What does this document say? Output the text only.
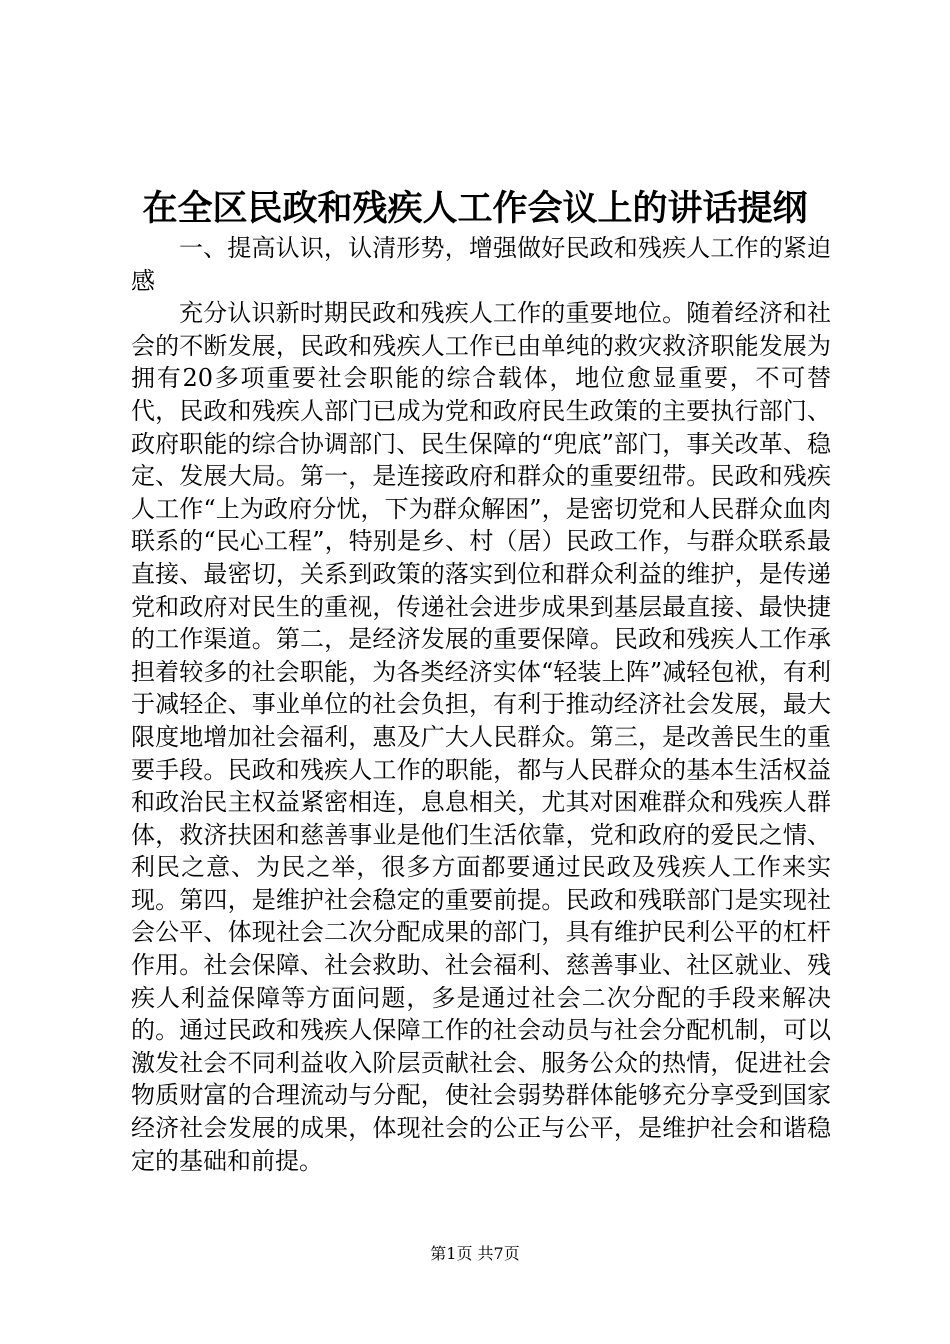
在全区民政和残疾人工作会议上的讲话提纲

一、提高认识，认清形势，增强做好民政和残疾人工作的紧迫感

充分认识新时期民政和残疾人工作的重要地位。随着经济和社会的不断发展，民政和残疾人工作已由单纯的救灾救济职能发展为拥有20多项重要社会职能的综合载体，地位愈显重要，不可替代，民政和残疾人部门已成为党和政府民生政策的主要执行部门、政府职能的综合协调部门、民生保障的“兜底”部门，事关改革、稳定、发展大局。第一，是连接政府和群众的重要纽带。民政和残疾人工作“上为政府分忧，下为群众解困”，是密切党和人民群众血肉联系的“民心工程”，特别是乡、村（居）民政工作，与群众联系最直接、最密切，关系到政策的落实到位和群众利益的维护，是传递党和政府对民生的重视，传递社会进步成果到基层最直接、最快捷的工作渠道。第二，是经济发展的重要保障。民政和残疾人工作承担着较多的社会职能，为各类经济实体“轻装上阵”减轻包袱，有利于减轻企、事业单位的社会负担，有利于推动经济社会发展，最大限度地增加社会福利，惠及广大人民群众。第三，是改善民生的重要手段。民政和残疾人工作的职能，都与人民群众的基本生活权益和政治民主权益紧密相连，息息相关，尤其对困难群众和残疾人群体，救济扶困和慈善事业是他们生活依靠，党和政府的爱民之情、利民之意、为民之举，很多方面都要通过民政及残疾人工作来实现。第四，是维护社会稳定的重要前提。民政和残联部门是实现社会公平、体现社会二次分配成果的部门，具有维护民利公平的杠杆作用。社会保障、社会救助、社会福利、慈善事业、社区就业、残疾人利益保障等方面问题，多是通过社会二次分配的手段来解决的。通过民政和残疾人保障工作的社会动员与社会分配机制，可以激发社会不同利益收入阶层贡献社会、服务公众的热情，促进社会物质财富的合理流动与分配，使社会弱势群体能够充分享受到国家经济社会发展的成果，体现社会的公正与公平，是维护社会和谐稳定的基础和前提。

第1页 共7页
